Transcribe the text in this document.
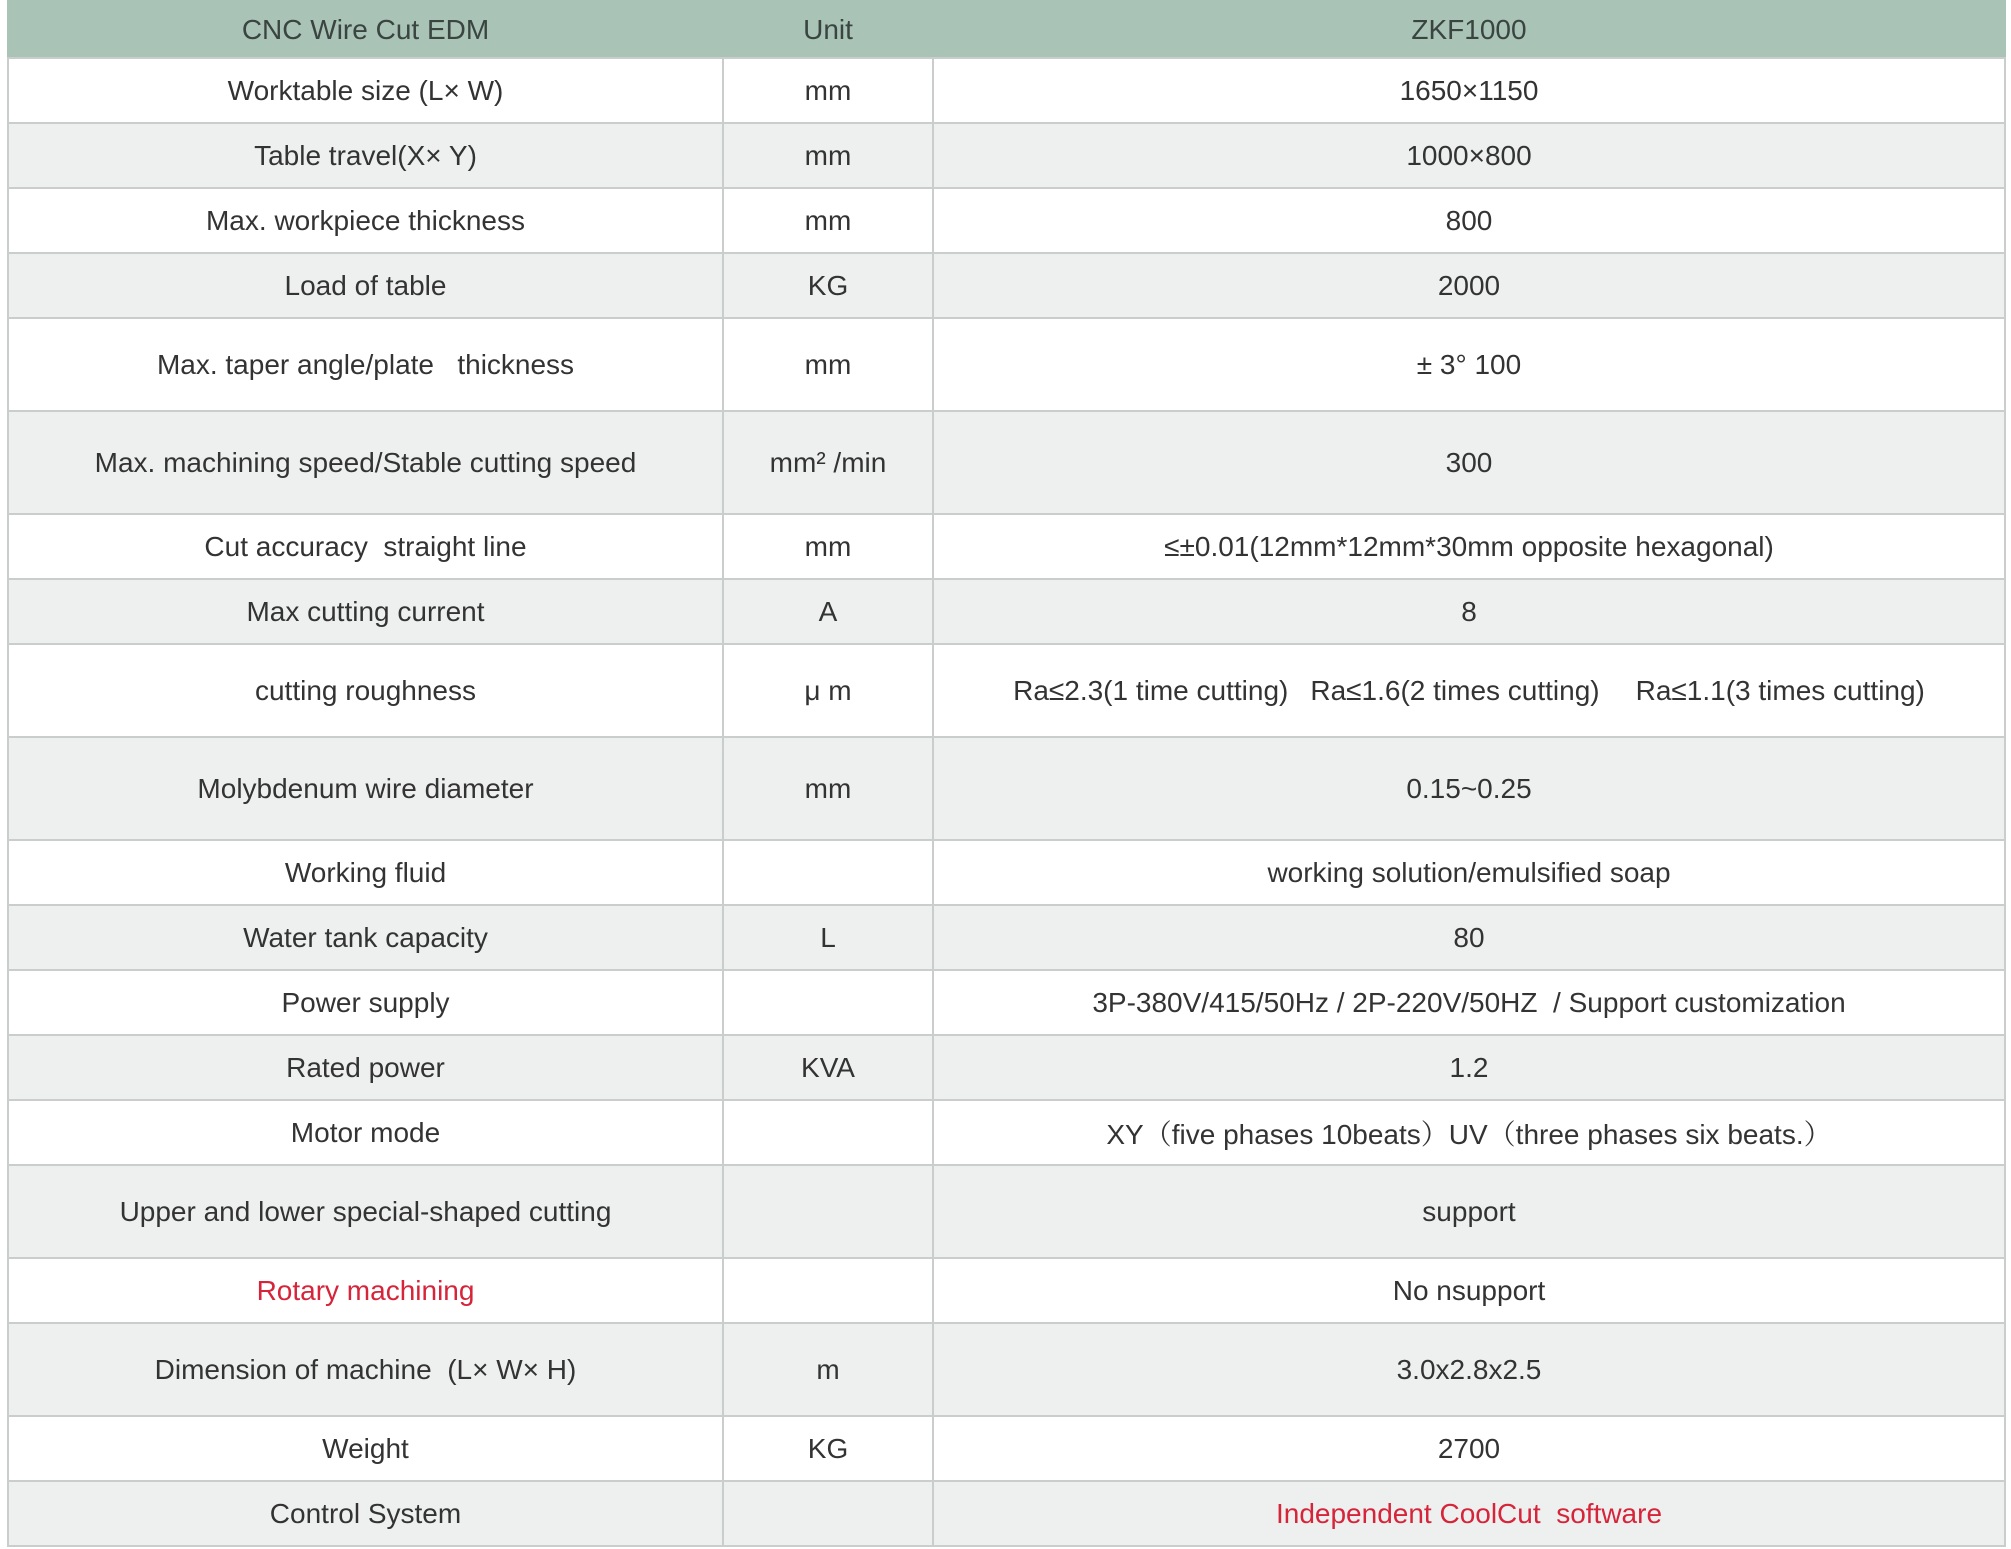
CNC Wire Cut EDM	Unit	ZKF1000
Worktable size (L× W)	mm	1650×1150
Table travel(X× Y)	mm	1000×800
Max. workpiece thickness	mm	800
Load of table	KG	2000
Max. taper angle/plate   thickness	mm	± 3° 100
Max. machining speed/Stable cutting speed	mm² /min	300
Cut accuracy  straight line	mm	≤±0.01(12mm*12mm*30mm opposite hexagonal)
Max cutting current	A	8
cutting roughness	μ m	Ra≤2.3(1 time cutting) Ra≤1.6(2 times cutting) Ra≤1.1(3 times cutting)
Molybdenum wire diameter	mm	0.15~0.25
Working fluid		working solution/emulsified soap
Water tank capacity	L	80
Power supply		3P-380V/415/50Hz / 2P-220V/50HZ  / Support customization
Rated power	KVA	1.2
Motor mode		XY（five phases 10beats）UV（three phases six beats.）
Upper and lower special-shaped cutting		support
Rotary machining		No nsupport
Dimension of machine  (L× W× H)	m	3.0x2.8x2.5
Weight	KG	2700
Control System		Independent CoolCut  software
